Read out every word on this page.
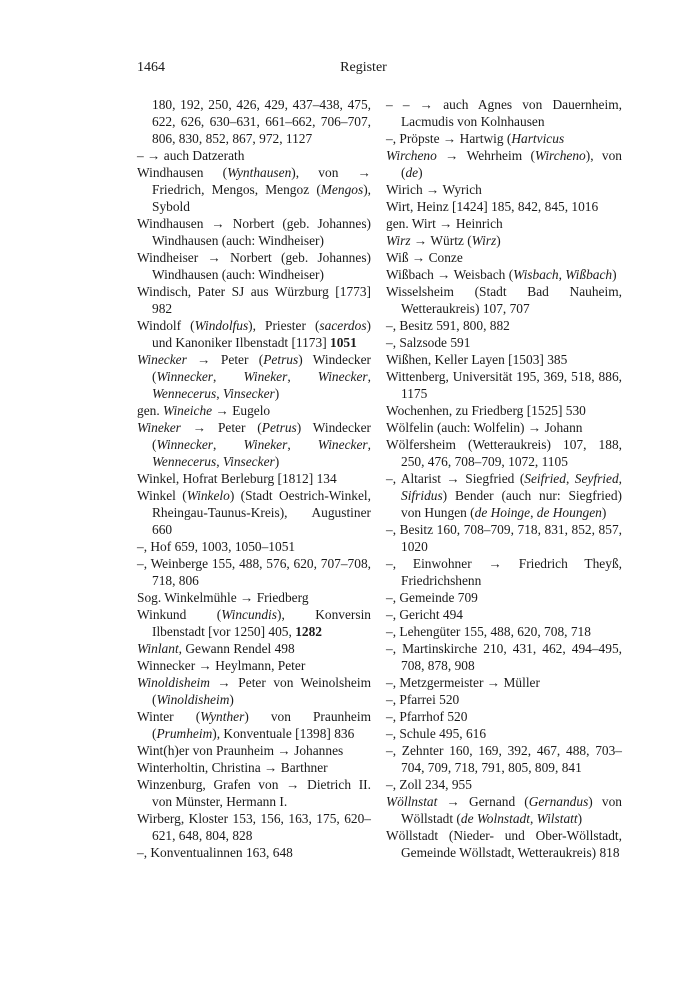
1464	Register

180, 192, 250, 426, 429, 437–438, 475, 622, 626, 630–631, 661–662, 706–707, 806, 830, 852, 867, 972, 1127

– → auch Datzerath

Windhausen (Wynthausen), von → Friedrich, Mengos, Mengoz (Mengos), Sybold

Windhausen → Norbert (geb. Johannes) Windhausen (auch: Windheiser)

Windheiser → Norbert (geb. Johannes) Windhausen (auch: Windheiser)

Windisch, Pater SJ aus Würzburg [1773] 982

Windolf (Windolfus), Priester (sacerdos) und Kanoniker Ilbenstadt [1173] 1051

Winecker → Peter (Petrus) Windecker (Winnecker, Wineker, Winecker, Wennecerus, Vinsecker)

gen. Wineiche → Eugelo

Wineker → Peter (Petrus) Windecker (Winnecker, Wineker, Winecker, Wennecerus, Vinsecker)

Winkel, Hofrat Berleburg [1812] 134

Winkel (Winkelo) (Stadt Oestrich-Winkel, Rheingau-Taunus-Kreis), Augustiner 660

–, Hof 659, 1003, 1050–1051

–, Weinberge 155, 488, 576, 620, 707–708, 718, 806

Sog. Winkelmühle → Friedberg

Winkund (Wincundis), Konversin Ilbenstadt [vor 1250] 405, 1282

Winlant, Gewann Rendel 498

Winnecker → Heylmann, Peter

Winoldisheim → Peter von Weinolsheim (Winoldisheim)

Winter (Wynther) von Praunheim (Prumheim), Konventuale [1398] 836

Wint(h)er von Praunheim → Johannes

Winterholtin, Christina → Barthner

Winzenburg, Grafen von → Dietrich II. von Münster, Hermann I.

Wirberg, Kloster 153, 156, 163, 175, 620–621, 648, 804, 828

–, Konventualinnen 163, 648

– – → auch Agnes von Dauernheim, Lacmudis von Kolnhausen

–, Pröpste → Hartwig (Hartvicus

Wircheno → Wehrheim (Wircheno), von (de)

Wirich → Wyrich

Wirt, Heinz [1424] 185, 842, 845, 1016

gen. Wirt → Heinrich

Wirz → Würtz (Wirz)

Wiß → Conze

Wißbach → Weisbach (Wisbach, Wißbach)

Wisselsheim (Stadt Bad Nauheim, Wetteraukreis) 107, 707

–, Besitz 591, 800, 882

–, Salzsode 591

Wißhen, Keller Layen [1503] 385

Wittenberg, Universität 195, 369, 518, 886, 1175

Wochenhen, zu Friedberg [1525] 530

Wölfelin (auch: Wolfelin) → Johann

Wölfersheim (Wetteraukreis) 107, 188, 250, 476, 708–709, 1072, 1105

–, Altarist → Siegfried (Seifried, Seyfried, Sifridus) Bender (auch nur: Siegfried) von Hungen (de Hoinge, de Houngen)

–, Besitz 160, 708–709, 718, 831, 852, 857, 1020

–, Einwohner → Friedrich Theyß, Friedrichshenn

–, Gemeinde 709

–, Gericht 494

–, Lehengüter 155, 488, 620, 708, 718

–, Martinskirche 210, 431, 462, 494–495, 708, 878, 908

–, Metzgermeister → Müller

–, Pfarrei 520

–, Pfarrhof 520

–, Schule 495, 616

–, Zehnter 160, 169, 392, 467, 488, 703–704, 709, 718, 791, 805, 809, 841

–, Zoll 234, 955

Wöllnstat → Gernand (Gernandus) von Wöllstadt (de Wolnstadt, Wilstatt)

Wöllstadt (Nieder- und Ober-Wöllstadt, Gemeinde Wöllstadt, Wetteraukreis) 818
